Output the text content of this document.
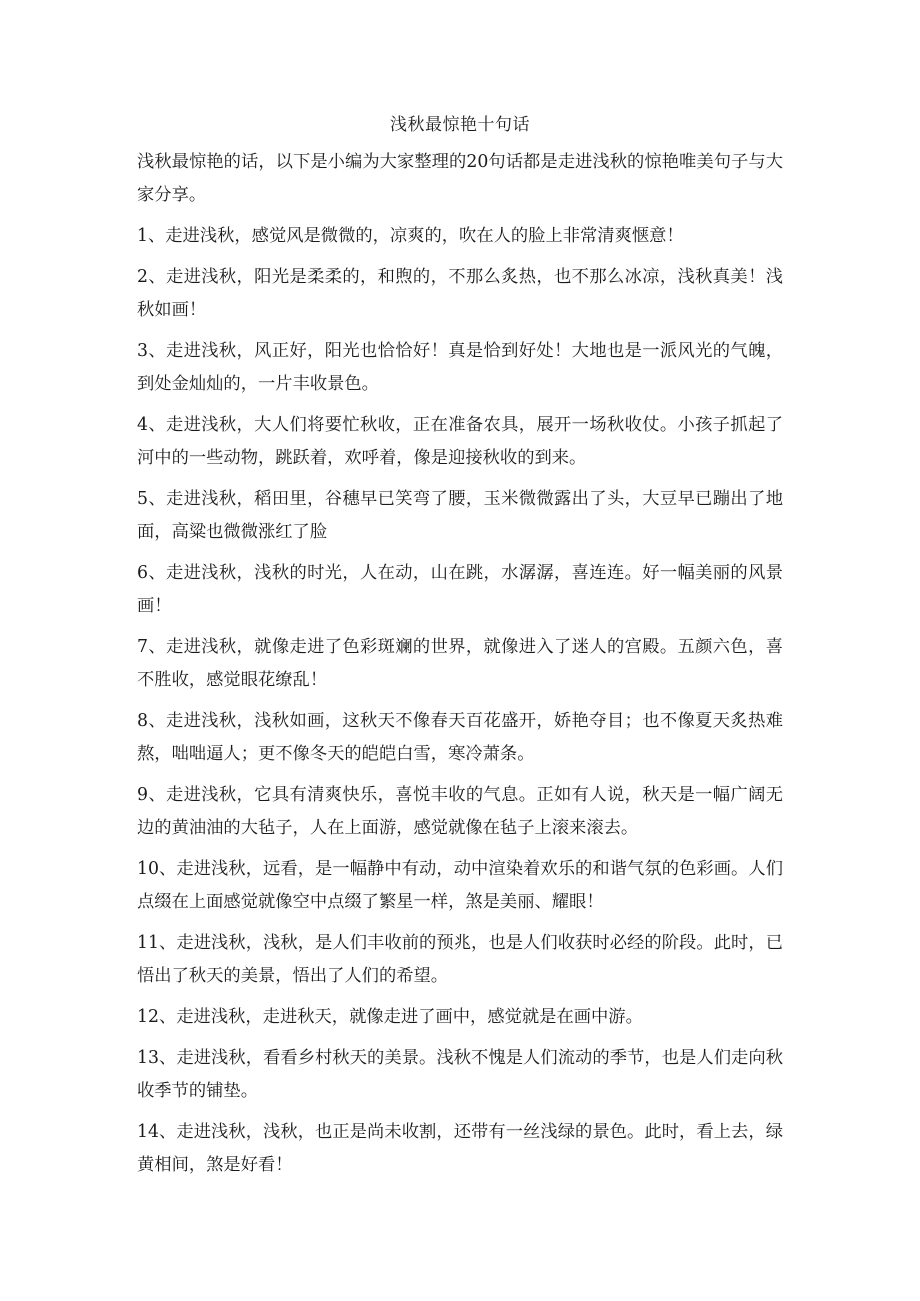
浅秋最惊艳十句话

浅秋最惊艳的话，以下是小编为大家整理的20句话都是走进浅秋的惊艳唯美句子与大家分享。

1、走进浅秋，感觉风是微微的，凉爽的，吹在人的脸上非常清爽惬意！

2、走进浅秋，阳光是柔柔的，和煦的，不那么炙热，也不那么冰凉，浅秋真美！浅秋如画！

3、走进浅秋，风正好，阳光也恰恰好！真是恰到好处！大地也是一派风光的气魄，到处金灿灿的，一片丰收景色。

4、走进浅秋，大人们将要忙秋收，正在准备农具，展开一场秋收仗。小孩子抓起了河中的一些动物，跳跃着，欢呼着，像是迎接秋收的到来。

5、走进浅秋，稻田里，谷穗早已笑弯了腰，玉米微微露出了头，大豆早已蹦出了地面，高粱也微微涨红了脸

6、走进浅秋，浅秋的时光，人在动，山在跳，水潺潺，喜连连。好一幅美丽的风景画！

7、走进浅秋，就像走进了色彩斑斓的世界，就像进入了迷人的宫殿。五颜六色，喜不胜收，感觉眼花缭乱！

8、走进浅秋，浅秋如画，这秋天不像春天百花盛开，娇艳夺目；也不像夏天炙热难熬，咄咄逼人；更不像冬天的皑皑白雪，寒冷萧条。

9、走进浅秋，它具有清爽快乐，喜悦丰收的气息。正如有人说，秋天是一幅广阔无边的黄油油的大毡子，人在上面游，感觉就像在毡子上滚来滚去。

10、走进浅秋，远看，是一幅静中有动，动中渲染着欢乐的和谐气氛的色彩画。人们点缀在上面感觉就像空中点缀了繁星一样，煞是美丽、耀眼！

11、走进浅秋，浅秋，是人们丰收前的预兆，也是人们收获时必经的阶段。此时，已悟出了秋天的美景，悟出了人们的希望。

12、走进浅秋，走进秋天，就像走进了画中，感觉就是在画中游。

13、走进浅秋，看看乡村秋天的美景。浅秋不愧是人们流动的季节，也是人们走向秋收季节的铺垫。

14、走进浅秋，浅秋，也正是尚未收割，还带有一丝浅绿的景色。此时，看上去，绿黄相间，煞是好看！
